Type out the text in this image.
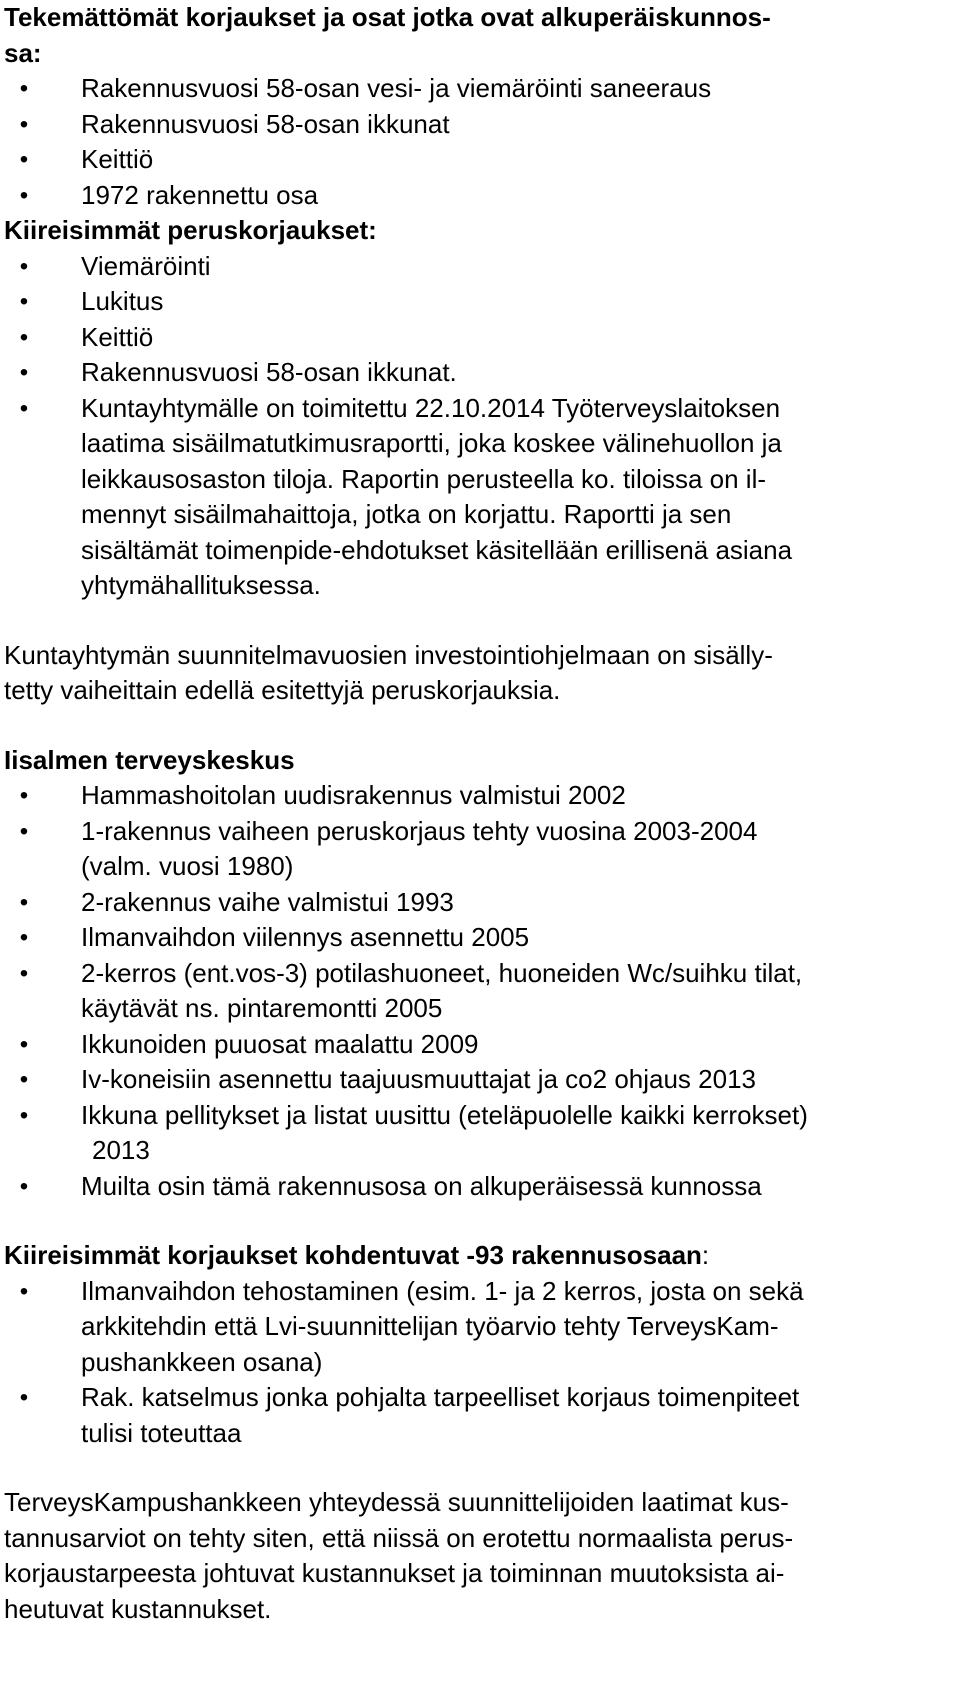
Tekemättömät korjaukset ja osat jotka ovat alkuperäiskunnos-
sa:

•	Rakennusvuosi 58-osan vesi- ja viemäröinti saneeraus
•	Rakennusvuosi 58-osan ikkunat
•	Keittiö
•	1972 rakennettu osa

Kiireisimmät peruskorjaukset:

•	Viemäröinti
•	Lukitus
•	Keittiö
•	Rakennusvuosi 58-osan ikkunat.
•	Kuntayhtymälle on toimitettu 22.10.2014 Työterveyslaitoksen
laatima sisäilmatutkimusraportti, joka koskee välinehuollon ja
leikkausosaston tiloja. Raportin perusteella ko. tiloissa on il-
mennyt sisäilmahaittoja, jotka on korjattu. Raportti ja sen
sisältämät toimenpide-ehdotukset käsitellään erillisenä asiana
yhtymähallituksessa.

Kuntayhtymän suunnitelmavuosien investointiohjelmaan on sisälly-
tetty vaiheittain edellä esitettyjä peruskorjauksia.

Iisalmen terveyskeskus

•	Hammashoitolan uudisrakennus valmistui 2002
•	1-rakennus vaiheen peruskorjaus tehty vuosina 2003-2004
(valm. vuosi 1980)
•	2-rakennus vaihe valmistui 1993
•	Ilmanvaihdon viilennys asennettu 2005
•	2-kerros (ent.vos-3) potilashuoneet, huoneiden Wc/suihku tilat,
käytävät ns. pintaremontti 2005
•	Ikkunoiden puuosat maalattu 2009
•	Iv-koneisiin asennettu taajuusmuuttajat ja co2 ohjaus 2013
•	Ikkuna pellitykset ja listat uusittu (eteläpuolelle kaikki kerrokset)
2013
•	Muilta osin tämä rakennusosa on alkuperäisessä kunnossa

Kiireisimmät korjaukset kohdentuvat -93 rakennusosaan:

•	Ilmanvaihdon tehostaminen (esim. 1- ja 2 kerros, josta on sekä
arkkitehdin että Lvi-suunnittelijan työarvio tehty TerveysKam-
pushankkeen osana)
•	Rak. katselmus jonka pohjalta tarpeelliset korjaus toimenpiteet
tulisi toteuttaa

TerveysKampushankkeen yhteydessä suunnittelijoiden laatimat kus-
tannusarviot on tehty siten, että niissä on erotettu normaalista perus-
korjaustarpeesta johtuvat kustannukset ja toiminnan muutoksista ai-
heutuvat kustannukset.
